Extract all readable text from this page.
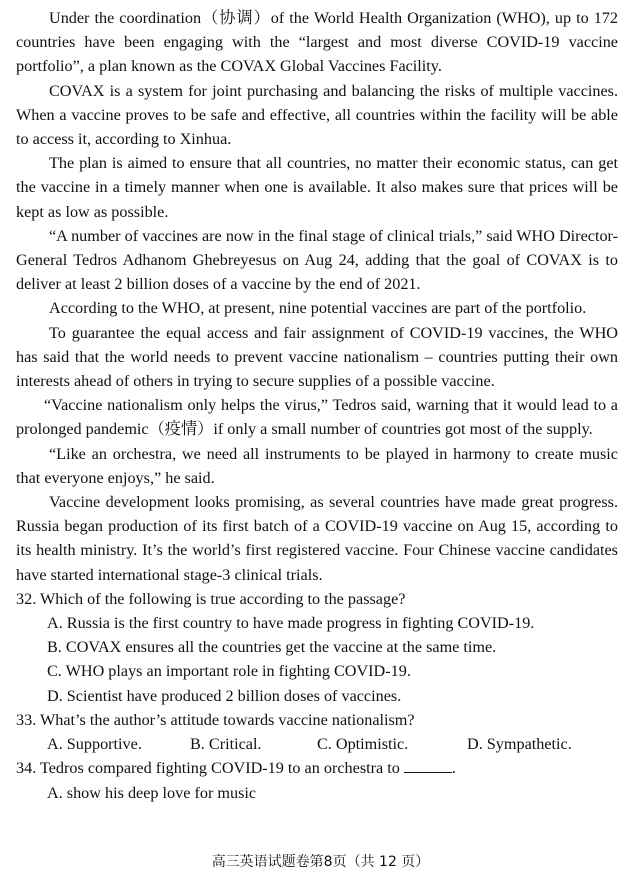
Under the coordination（协调）of the World Health Organization (WHO), up to 172 countries have been engaging with the “largest and most diverse COVID-19 vaccine portfolio”, a plan known as the COVAX Global Vaccines Facility.

COVAX is a system for joint purchasing and balancing the risks of multiple vaccines. When a vaccine proves to be safe and effective, all countries within the facility will be able to access it, according to Xinhua.

The plan is aimed to ensure that all countries, no matter their economic status, can get the vaccine in a timely manner when one is available. It also makes sure that prices will be kept as low as possible.

“A number of vaccines are now in the final stage of clinical trials,” said WHO Director-General Tedros Adhanom Ghebreyesus on Aug 24, adding that the goal of COVAX is to deliver at least 2 billion doses of a vaccine by the end of 2021.

According to the WHO, at present, nine potential vaccines are part of the portfolio.

To guarantee the equal access and fair assignment of COVID-19 vaccines, the WHO has said that the world needs to prevent vaccine nationalism – countries putting their own interests ahead of others in trying to secure supplies of a possible vaccine.

“Vaccine nationalism only helps the virus,” Tedros said, warning that it would lead to a prolonged pandemic（疫情）if only a small number of countries got most of the supply.

“Like an orchestra, we need all instruments to be played in harmony to create music that everyone enjoys,” he said.

Vaccine development looks promising, as several countries have made great progress. Russia began production of its first batch of a COVID-19 vaccine on Aug 15, according to its health ministry. It’s the world’s first registered vaccine. Four Chinese vaccine candidates have started international stage-3 clinical trials.

32. Which of the following is true according to the passage?

A. Russia is the first country to have made progress in fighting COVID-19.

B. COVAX ensures all the countries get the vaccine at the same time.

C. WHO plays an important role in fighting COVID-19.

D. Scientist have produced 2 billion doses of vaccines.

33. What’s the author’s attitude towards vaccine nationalism?

A. Supportive.	B. Critical.	C. Optimistic.	D. Sympathetic.

34. Tedros compared fighting COVID-19 to an orchestra to	.

A. show his deep love for music

高三英语试题卷第8页（共 12 页）
